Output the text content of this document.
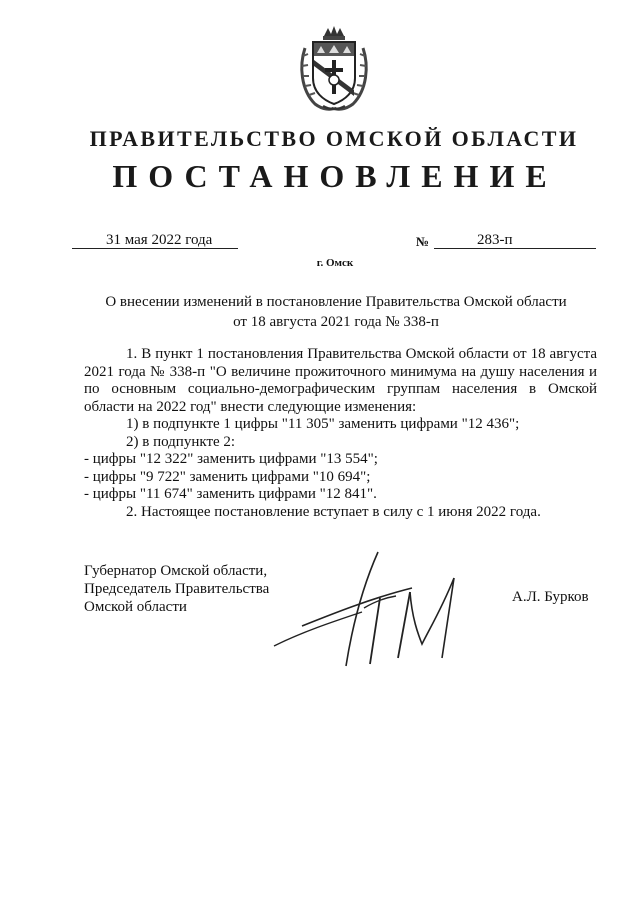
ПРАВИТЕЛЬСТВО ОМСКОЙ ОБЛАСТИ
ПОСТАНОВЛЕНИЕ
31 мая 2022 года	№	283-п
г. Омск
О внесении изменений в постановление Правительства Омской области
от 18 августа 2021 года № 338-п

1. В пункт 1 постановления Правительства Омской области от 18 августа 2021 года № 338-п "О величине прожиточного минимума на душу населения и по основным социально-демографическим группам населения в Омской области на 2022 год" внести следующие изменения:

1) в подпункте 1 цифры "11 305" заменить цифрами "12 436";

2) в подпункте 2:

- цифры "12 322" заменить цифрами "13 554";

- цифры "9 722" заменить цифрами "10 694";

- цифры "11 674" заменить цифрами "12 841".

2. Настоящее постановление вступает в силу с 1 июня 2022 года.

Губернатор Омской области,
Председатель Правительства
Омской области
А.Л. Бурков
